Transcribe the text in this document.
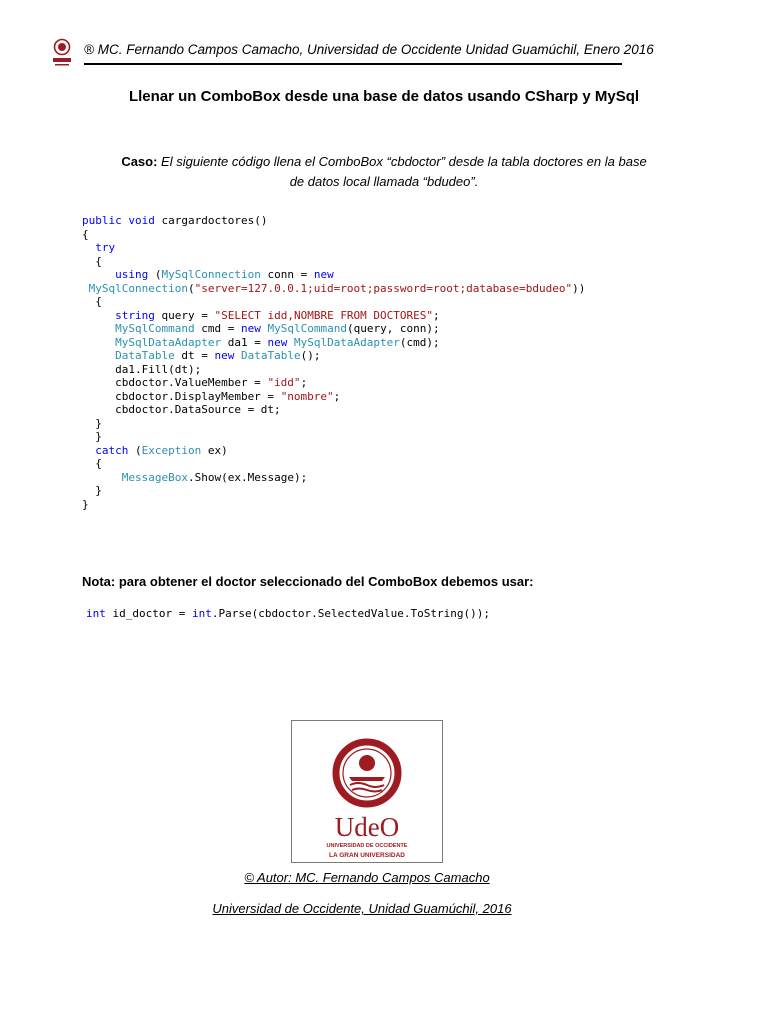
® MC. Fernando Campos Camacho, Universidad de Occidente Unidad Guamúchil, Enero 2016
Llenar un ComboBox desde una base de datos usando CSharp y MySql
Caso: El siguiente código llena el ComboBox “cbdoctor” desde la tabla doctores en la base de datos local llamada “bdudeo”.
public void cargardoctores()
{
try
{
using (MySqlConnection conn = new
MySqlConnection("server=127.0.0.1;uid=root;password=root;database=bdudeo"))
{
string query = "SELECT idd,NOMBRE FROM DOCTORES";
MySqlCommand cmd = new MySqlCommand(query, conn);
MySqlDataAdapter da1 = new MySqlDataAdapter(cmd);
DataTable dt = new DataTable();
da1.Fill(dt);
cbdoctor.ValueMember = "idd";
cbdoctor.DisplayMember = "nombre";
cbdoctor.DataSource = dt;
}
}
catch (Exception ex)
{
MessageBox.Show(ex.Message);
}
}
Nota: para obtener el doctor seleccionado del ComboBox debemos usar:
int id_doctor = int.Parse(cbdoctor.SelectedValue.ToString());
UdeO
UNIVERSIDAD DE OCCIDENTE
LA GRAN UNIVERSIDAD
© Autor: MC. Fernando Campos Camacho
Universidad de Occidente, Unidad Guamúchil, 2016
